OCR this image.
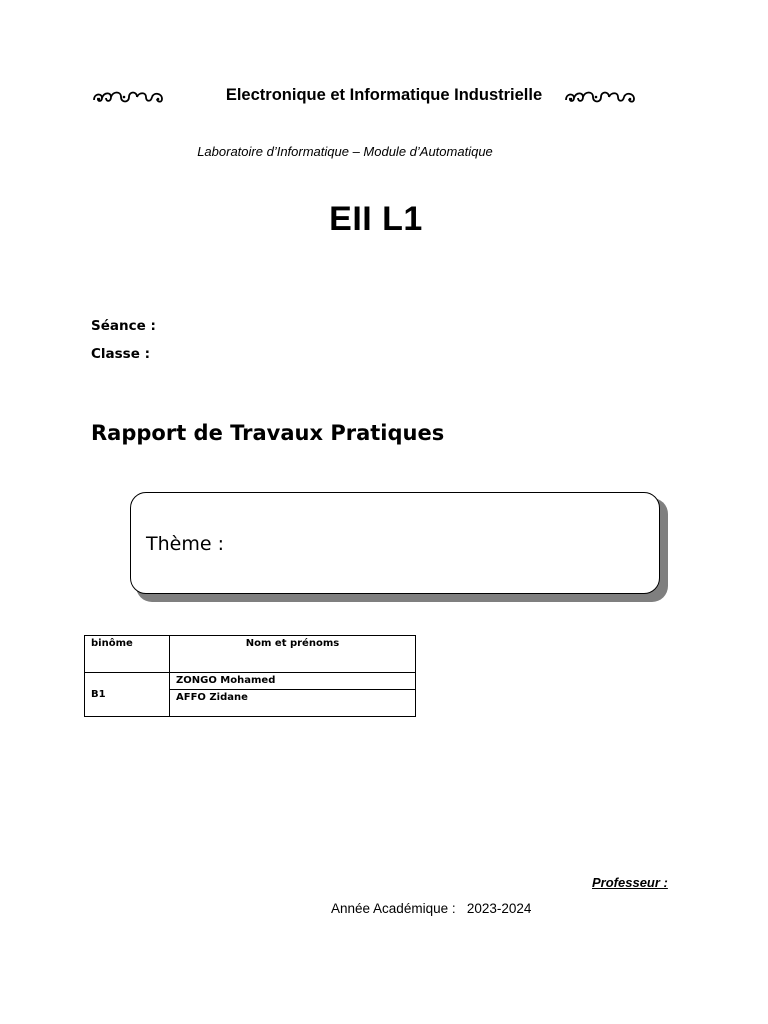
Electronique et Informatique Industrielle
Laboratoire d’Informatique – Module d’Automatique
EII L1
Séance :
Classe :
Rapport de Travaux Pratiques
Thème :
binôme	Nom et prénoms
B1	ZONGO Mohamed
	AFFO Zidane
Professeur :
Année Académique : 2023-2024
